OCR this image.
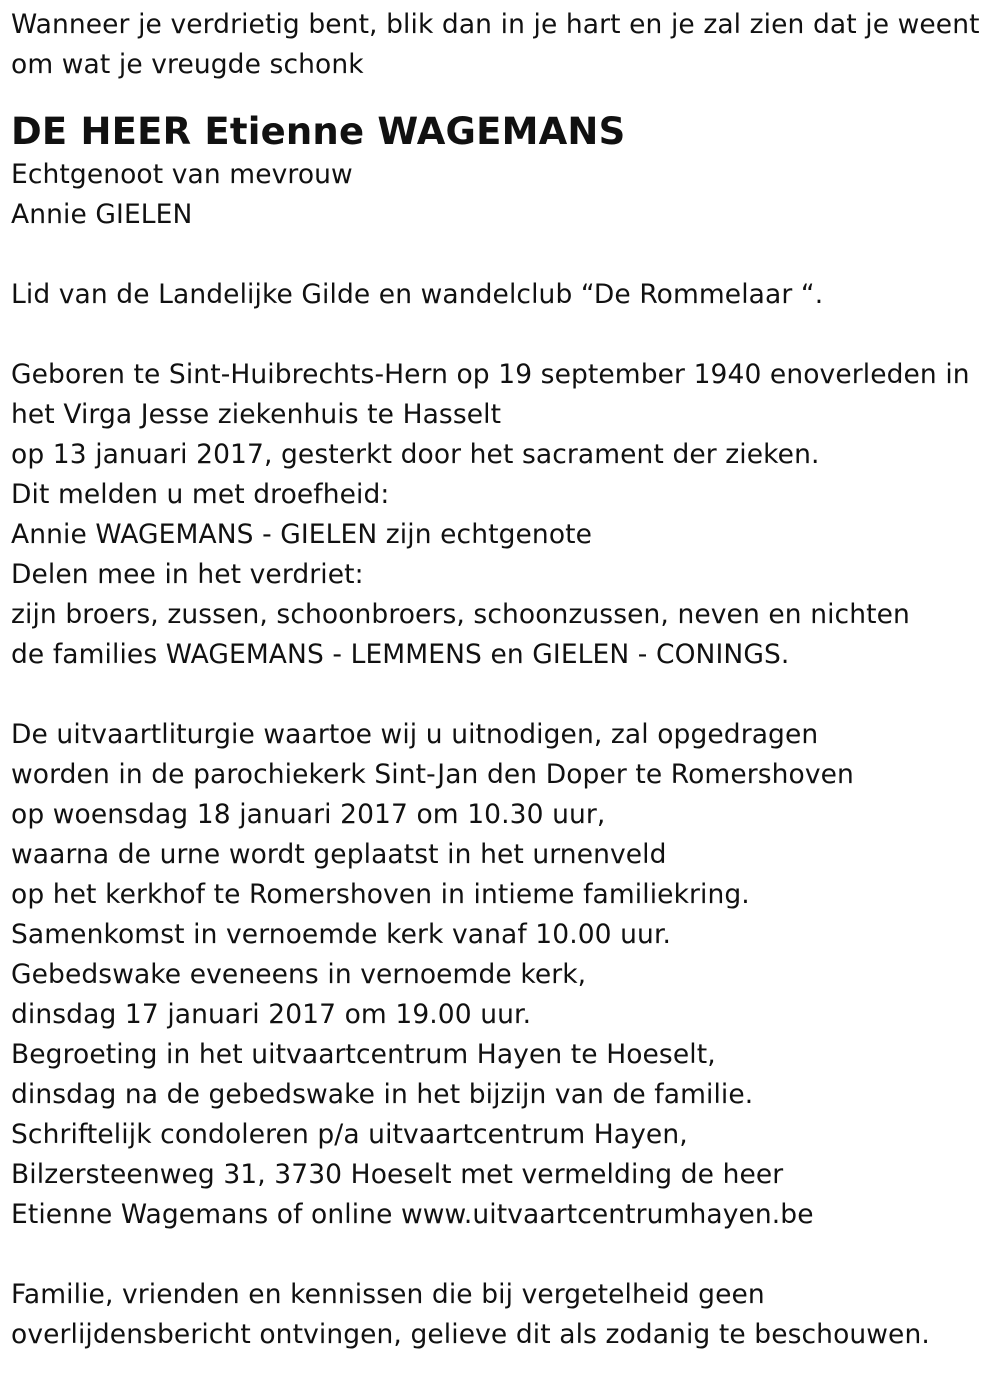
Wanneer je verdrietig bent, blik dan in je hart en je zal zien dat je weent
om wat je vreugde schonk
DE HEER Etienne WAGEMANS
Echtgenoot van mevrouw
Annie GIELEN
Lid van de Landelijke Gilde en wandelclub “De Rommelaar “.
Geboren te Sint-Huibrechts-Hern op 19 september 1940 enoverleden in
het Virga Jesse ziekenhuis te Hasselt
op 13 januari 2017, gesterkt door het sacrament der zieken.
Dit melden u met droefheid:
Annie WAGEMANS - GIELEN zijn echtgenote
Delen mee in het verdriet:
zijn broers, zussen, schoonbroers, schoonzussen, neven en nichten
de families WAGEMANS - LEMMENS en GIELEN - CONINGS.
De uitvaartliturgie waartoe wij u uitnodigen, zal opgedragen
worden in de parochiekerk Sint-Jan den Doper te Romershoven
op woensdag 18 januari 2017 om 10.30 uur,
waarna de urne wordt geplaatst in het urnenveld
op het kerkhof te Romershoven in intieme familiekring.
Samenkomst in vernoemde kerk vanaf 10.00 uur.
Gebedswake eveneens in vernoemde kerk,
dinsdag 17 januari 2017 om 19.00 uur.
Begroeting in het uitvaartcentrum Hayen te Hoeselt,
dinsdag na de gebedswake in het bijzijn van de familie.
Schriftelijk condoleren p/a uitvaartcentrum Hayen,
Bilzersteenweg 31, 3730 Hoeselt met vermelding de heer
Etienne Wagemans of online www.uitvaartcentrumhayen.be
Familie, vrienden en kennissen die bij vergetelheid geen
overlijdensbericht ontvingen, gelieve dit als zodanig te beschouwen.
